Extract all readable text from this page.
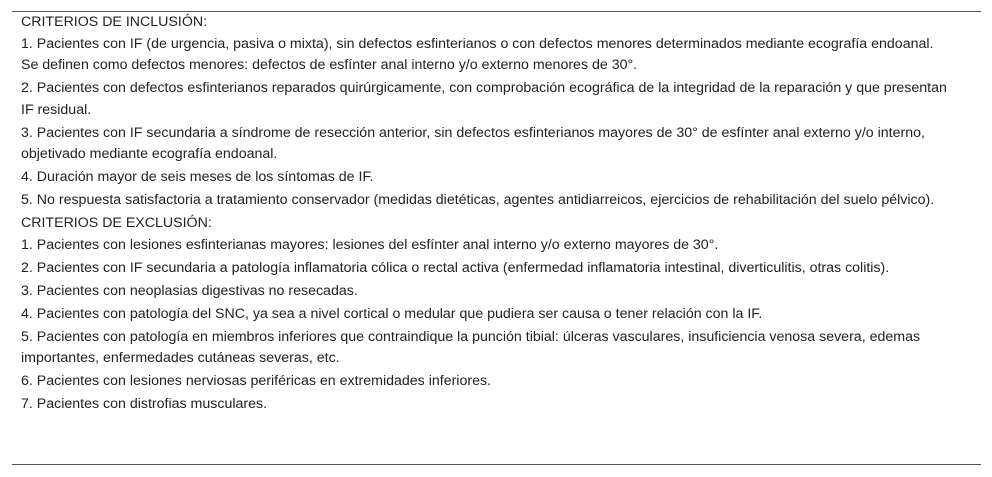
CRITERIOS DE INCLUSIÓN:
1. Pacientes con IF (de urgencia, pasiva o mixta), sin defectos esfinterianos o con defectos menores determinados mediante ecografía endoanal. Se definen como defectos menores: defectos de esfínter anal interno y/o externo menores de 30°.
2. Pacientes con defectos esfinterianos reparados quirúrgicamente, con comprobación ecográfica de la integridad de la reparación y que presentan IF residual.
3. Pacientes con IF secundaria a síndrome de resección anterior, sin defectos esfinterianos mayores de 30° de esfínter anal externo y/o interno, objetivado mediante ecografía endoanal.
4. Duración mayor de seis meses de los síntomas de IF.
5. No respuesta satisfactoria a tratamiento conservador (medidas dietéticas, agentes antidiarreicos, ejercicios de rehabilitación del suelo pélvico).
CRITERIOS DE EXCLUSIÓN:
1. Pacientes con lesiones esfinterianas mayores: lesiones del esfínter anal interno y/o externo mayores de 30°.
2. Pacientes con IF secundaria a patología inflamatoria cólica o rectal activa (enfermedad inflamatoria intestinal, diverticulitis, otras colitis).
3. Pacientes con neoplasias digestivas no resecadas.
4. Pacientes con patología del SNC, ya sea a nivel cortical o medular que pudiera ser causa o tener relación con la IF.
5. Pacientes con patología en miembros inferiores que contraindique la punción tibial: úlceras vasculares, insuficiencia venosa severa, edemas importantes, enfermedades cutáneas severas, etc.
6. Pacientes con lesiones nerviosas periféricas en extremidades inferiores.
7. Pacientes con distrofias musculares.
